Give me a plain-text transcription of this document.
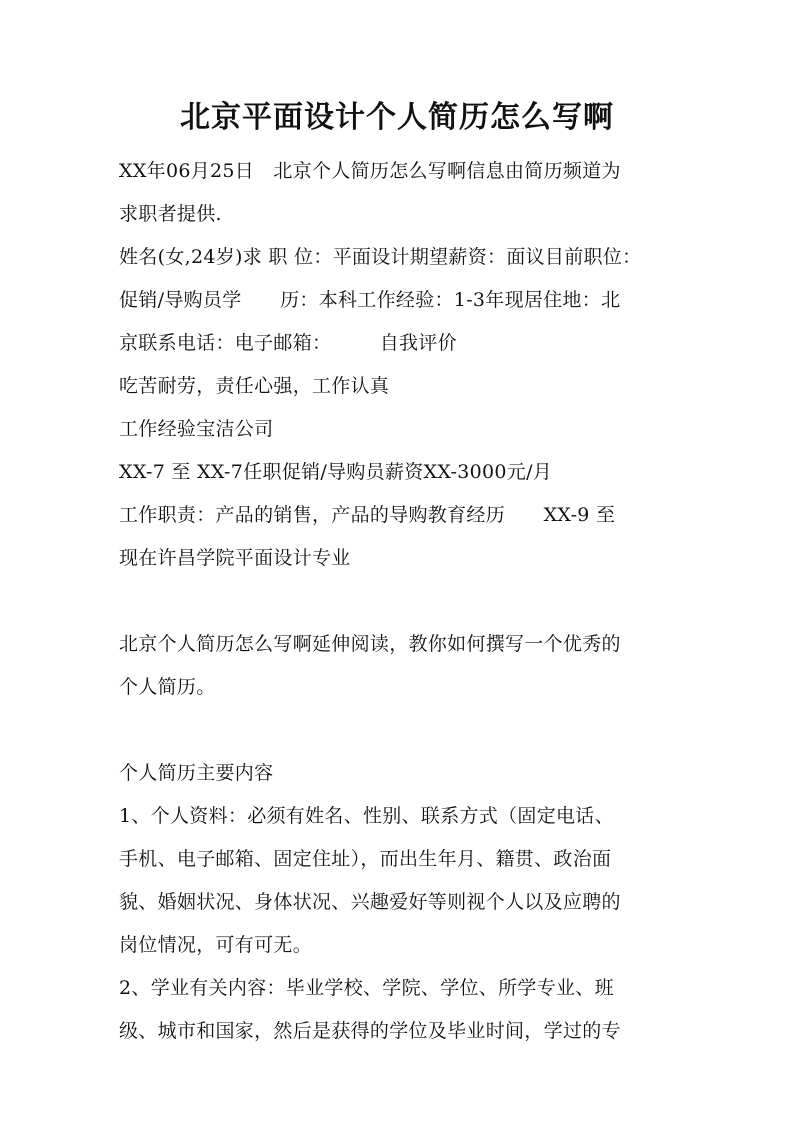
北京平面设计个人简历怎么写啊
XX年06月25日　北京个人简历怎么写啊信息由简历频道为
求职者提供.
姓名(女,24岁)求 职 位：平面设计期望薪资：面议目前职位：
促销/导购员学　　历：本科工作经验：1-3年现居住地：北
京联系电话：电子邮箱：　　　自我评价
吃苦耐劳，责任心强，工作认真
工作经验宝洁公司
XX-7 至 XX-7任职促销/导购员薪资XX-3000元/月
工作职责：产品的销售，产品的导购教育经历　　XX-9 至
现在许昌学院平面设计专业
北京个人简历怎么写啊延伸阅读，教你如何撰写一个优秀的
个人简历。
个人简历主要内容
1、个人资料：必须有姓名、性别、联系方式（固定电话、
手机、电子邮箱、固定住址），而出生年月、籍贯、政治面
貌、婚姻状况、身体状况、兴趣爱好等则视个人以及应聘的
岗位情况，可有可无。
2、学业有关内容：毕业学校、学院、学位、所学专业、班
级、城市和国家，然后是获得的学位及毕业时间，学过的专
